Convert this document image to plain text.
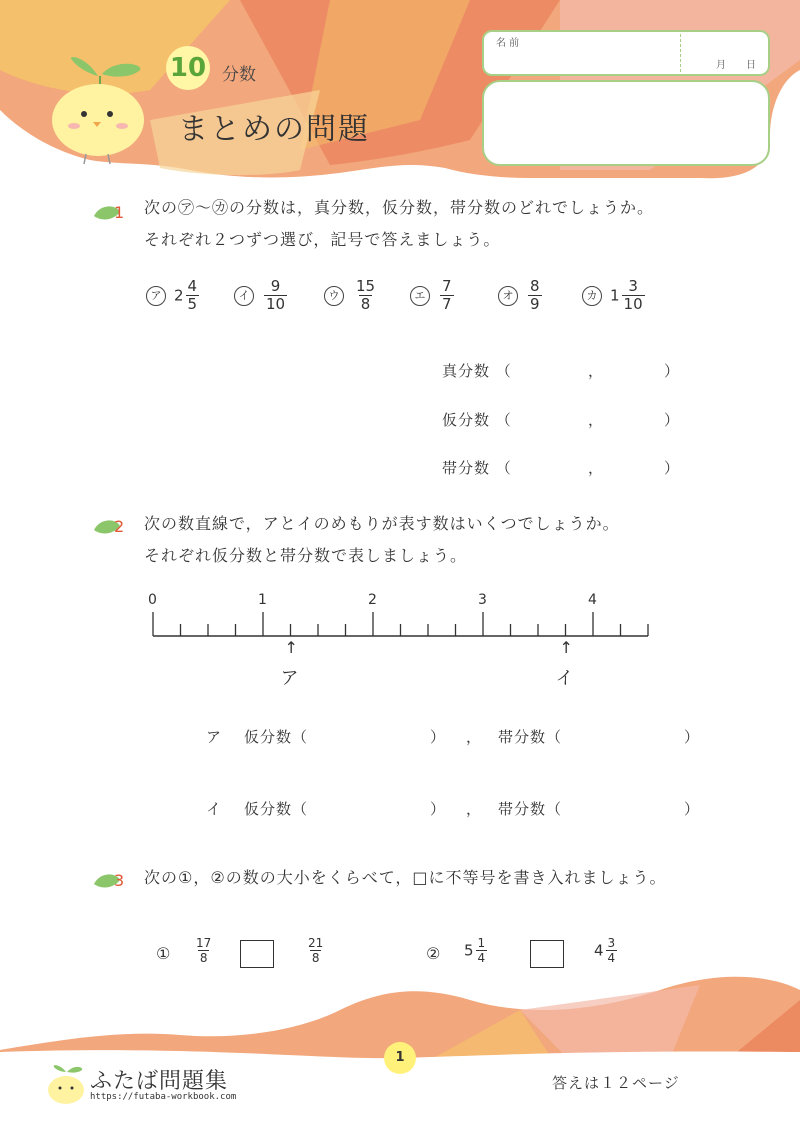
10 分数
まとめの問題
名 前
月 日
1
2
3
次の㋐〜㋕の分数は，真分数，仮分数，帯分数のどれでしょうか。
それぞれ２つずつ選び，記号で答えましょう。
ア $2 \frac{4}{5}$	イ $\frac{9}{10}$	ウ $\frac{15}{8}$	エ $\frac{7}{7}$	オ $\frac{8}{9}$	カ $1 \frac{3}{10}$
真分数 （	，	）
仮分数 （	，	）
帯分数 （	，	）
次の数直線で，アとイのめもりが表す数はいくつでしょうか。
それぞれ仮分数と帯分数で表しましょう。
0	1	2	3	4
↑
ア
↑
イ
ア 仮分数（	） ， 帯分数（	）
イ 仮分数（	） ， 帯分数（	）
次の①，②の数の大小をくらべて，□に不等号を書き入れましょう。
① $\frac{17}{8}$	$\frac{21}{8}$	② $5 \frac{1}{4}$	$4 \frac{3}{4}$
1
ふたば問題集
https://futaba-workbook.com
答えは１２ページ
